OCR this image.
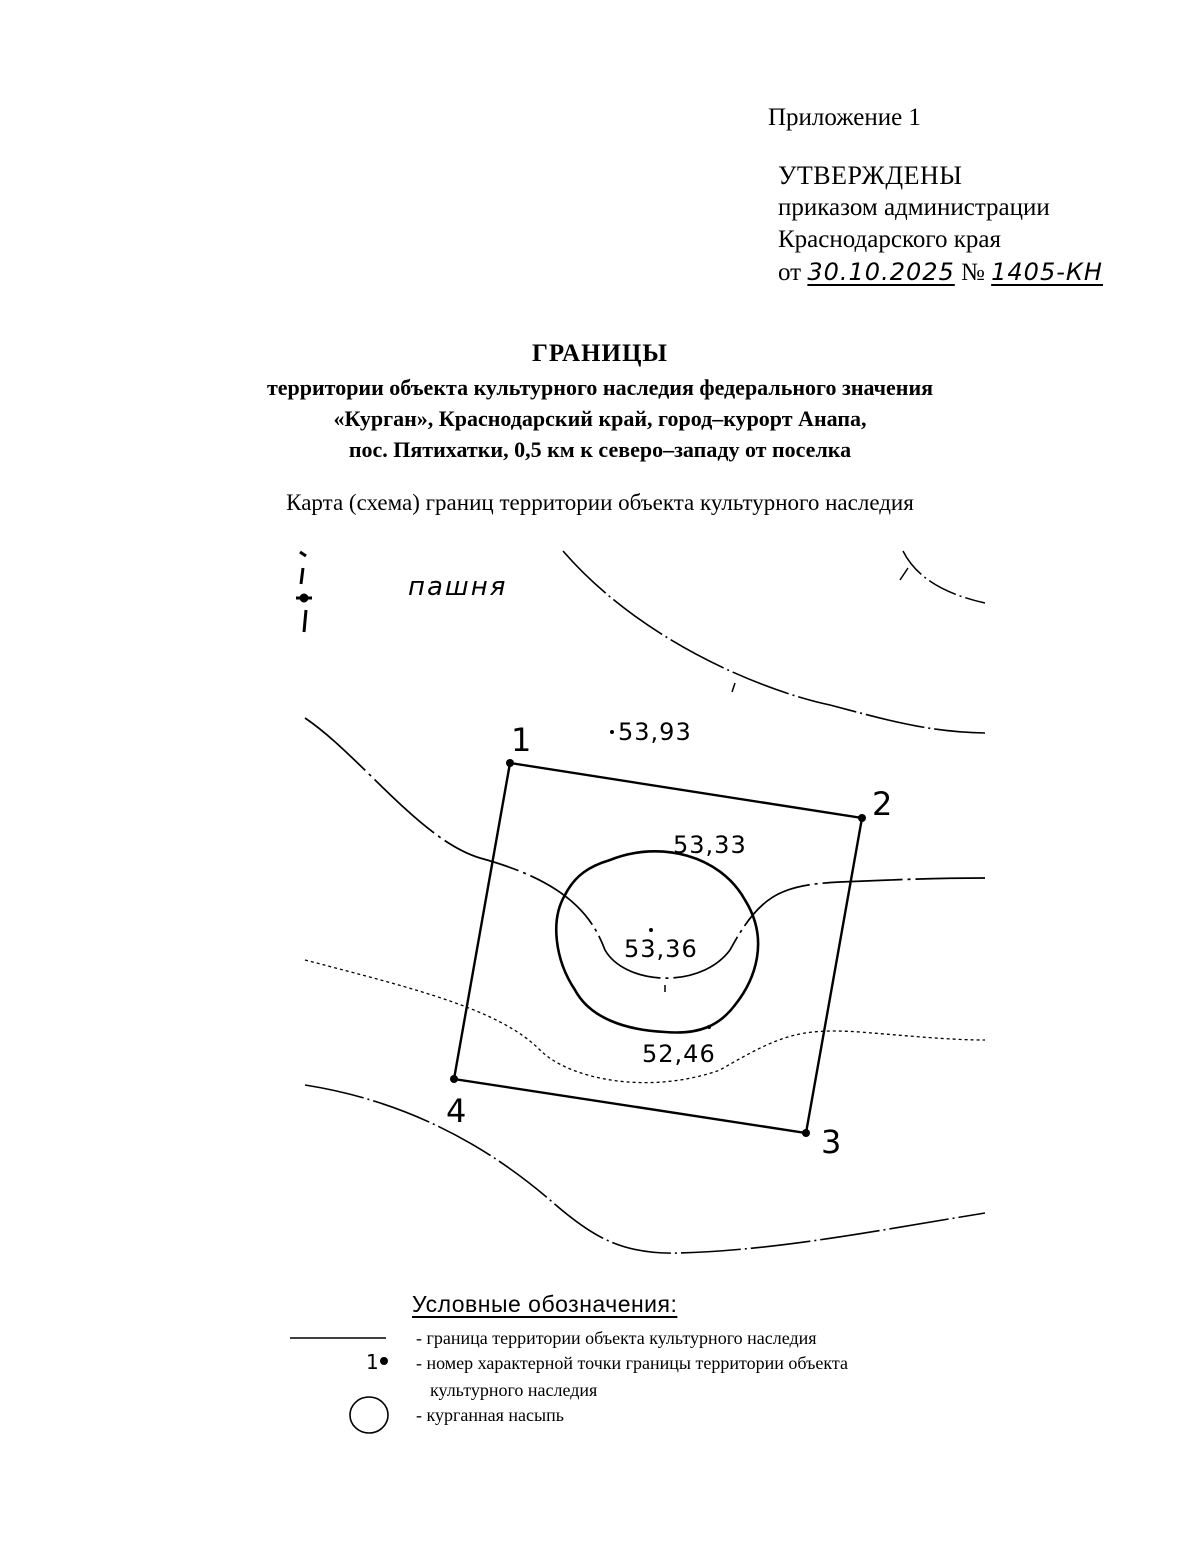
Приложение 1
УТВЕРЖДЕНЫ
приказом администрации
Краснодарского края
от 30.10.2025 № 1405-КН
ГРАНИЦЫ
территории объекта культурного наследия федерального значения
«Курган», Краснодарский край, город–курорт Анапа,
пос. Пятихатки, 0,5 км к северо–западу от поселка
Карта (схема) границ территории объекта культурного наследия
пашня
53,93
53,33
53,36
52,46
1
2
3
4
1
Условные обозначения:
- граница территории объекта культурного наследия
- номер характерной точки границы территории объекта
культурного наследия
- курганная насыпь
